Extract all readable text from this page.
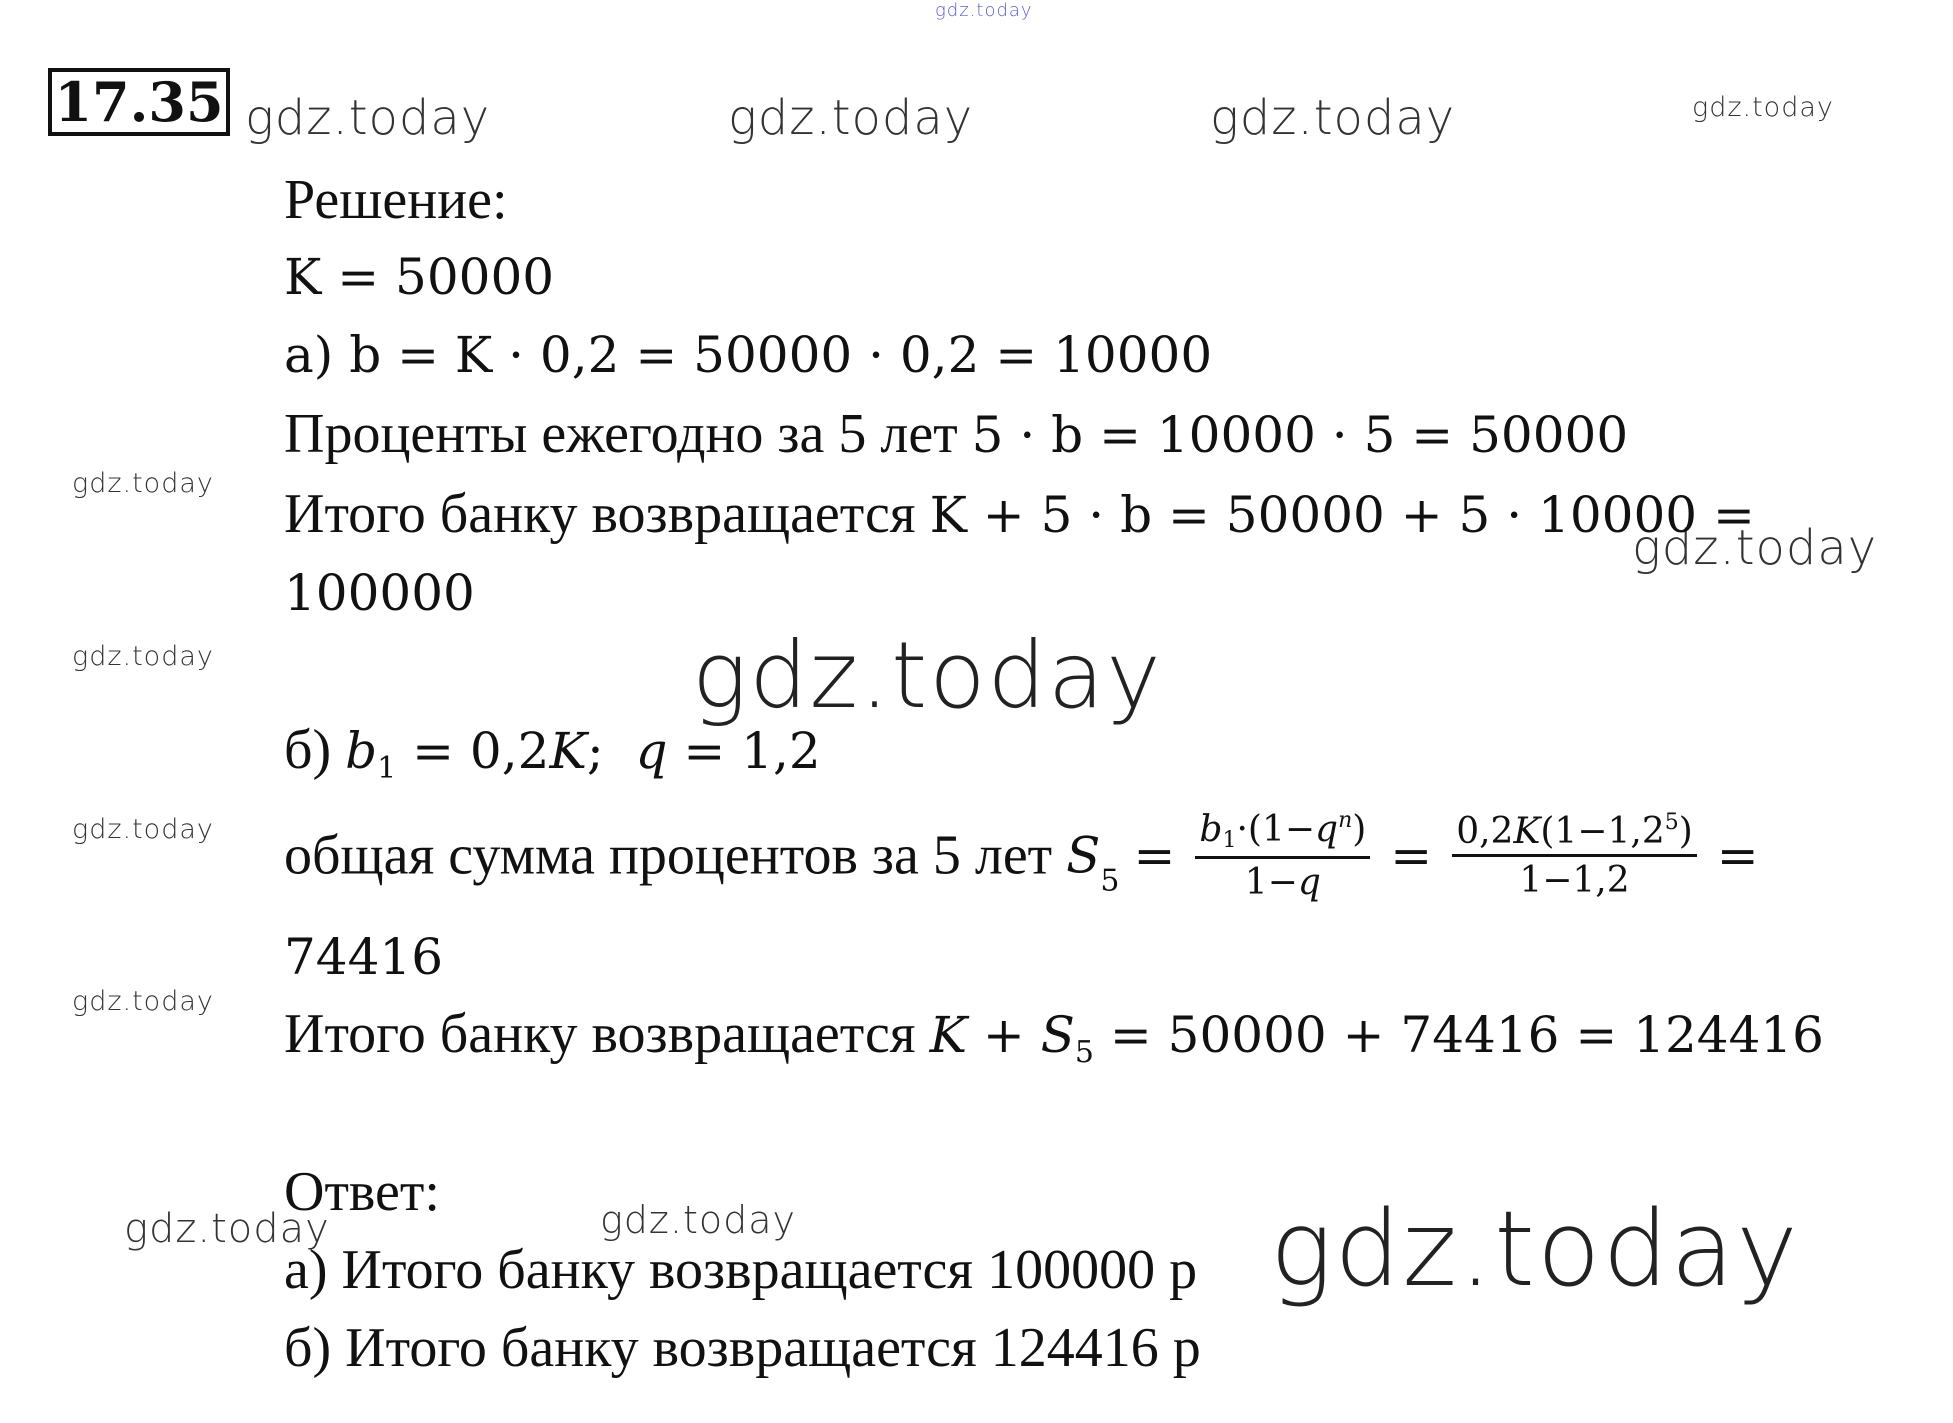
gdz.today
gdz.today	gdz.today	gdz.today	gdz.today
gdz.today
gdz.today
gdz.today	gdz.today
gdz.today
gdz.today
gdz.today	gdz.today	gdz.today
17.35
Решение:
K = 50000
а) b = K · 0,2 = 50000 · 0,2 = 10000
Проценты ежегодно за 5 лет 5 · b = 10000 · 5 = 50000
Итого банку возвращается K + 5 · b = 50000 + 5 · 10000 =
100000
б) $b_1 = 0,2K$;  q = 1,2
общая сумма процентов за 5 лет $S_5 = \frac{b_1\cdot(1-q^n)}{1-q} = \frac{0,2K(1-1,2^5)}{1-1,2}$ =
74416
Итого банку возвращается $K + S_5 = 50000 + 74416 = 124416$
Ответ:
а) Итого банку возвращается 100000 р
б) Итого банку возвращается 124416 р
